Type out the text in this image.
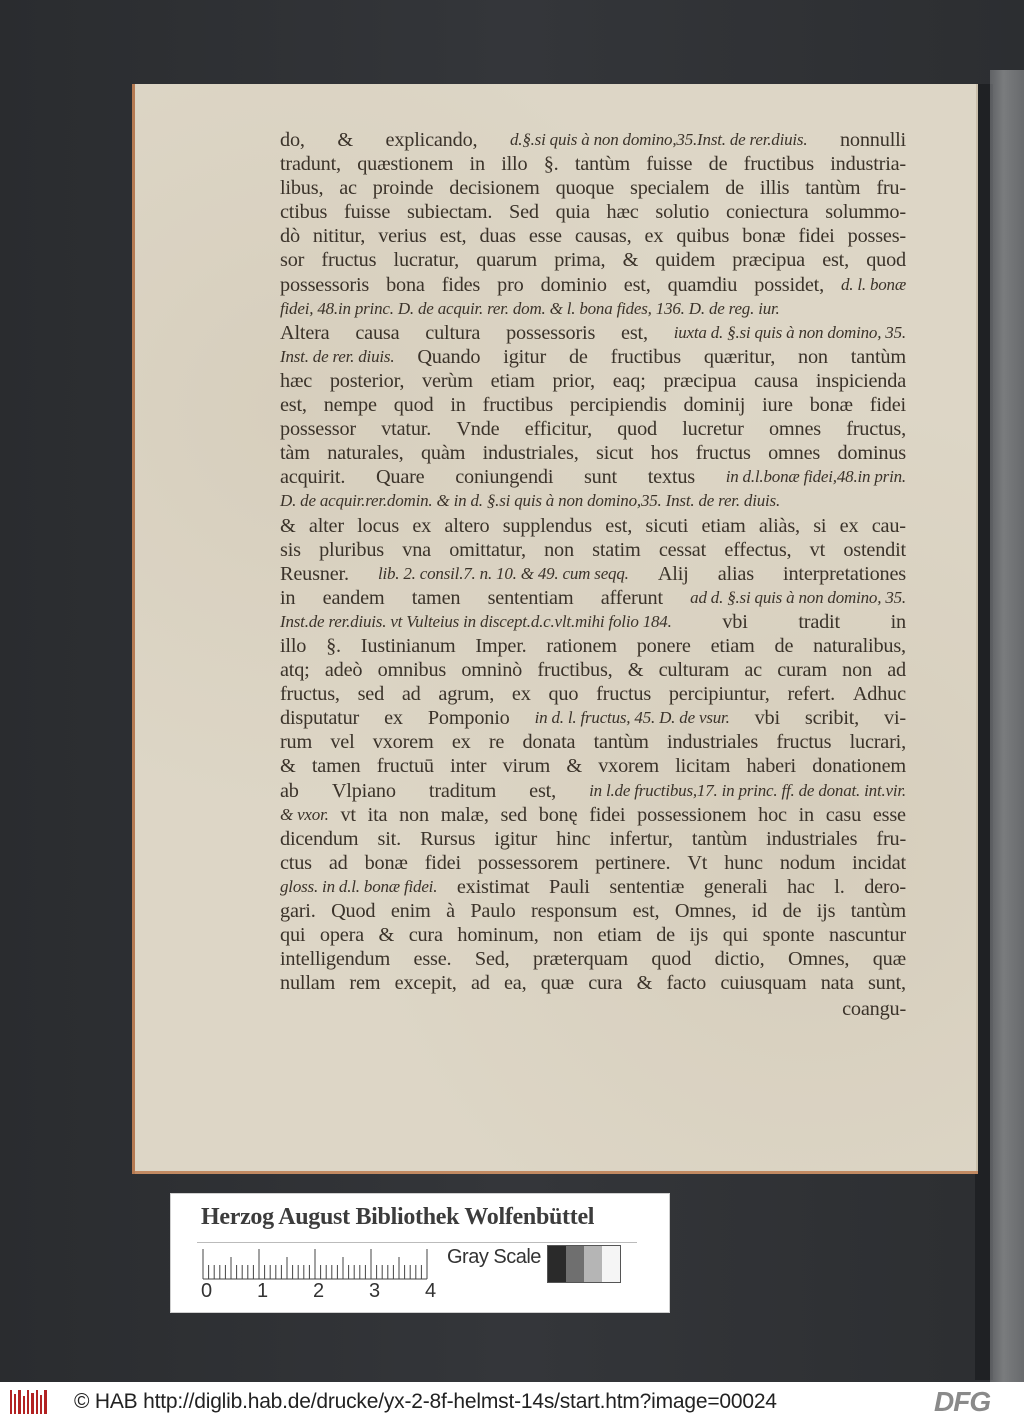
do, & explicando, d.§.si quis à non domino,35.Inst. de rer.diuis. nonnulli
tradunt, quæstionem in illo §. tantùm fuisse de fructibus industria-
libus, ac proinde decisionem quoque specialem de illis tantùm fru-
ctibus fuisse subiectam. Sed quia hæc solutio coniectura solummo-
dò nititur, verius est, duas esse causas, ex quibus bonæ fidei posses-
sor fructus lucratur, quarum prima, & quidem præcipua est, quod
possessoris bona fides pro dominio est, quamdiu possidet, d. l. bonæ
fidei, 48.in princ. D. de acquir. rer. dom. & l. bona fides, 136. D. de reg. iur.
Altera causa cultura possessoris est, iuxta d. §.si quis à non domino, 35.
Inst. de rer. diuis. Quando igitur de fructibus quæritur, non tantùm
hæc posterior, verùm etiam prior, eaq; præcipua causa inspicienda
est, nempe quod in fructibus percipiendis dominij iure bonæ fidei
possessor vtatur. Vnde efficitur, quod lucretur omnes fructus,
tàm naturales, quàm industriales, sicut hos fructus omnes dominus
acquirit. Quare coniungendi sunt textus in d.l.bonæ fidei,48.in prin.
D. de acquir.rer.domin. & in d. §.si quis à non domino,35. Inst. de rer. diuis.
& alter locus ex altero supplendus est, sicuti etiam aliàs, si ex cau-
sis pluribus vna omittatur, non statim cessat effectus, vt ostendit
Reusner. lib. 2. consil.7. n. 10. & 49. cum seqq. Alij alias interpretationes
in eandem tamen sententiam afferunt ad d. §.si quis à non domino, 35.
Inst.de rer.diuis. vt Vulteius in discept.d.c.vlt.mihi folio 184. vbi tradit in
illo §. Iustinianum Imper. rationem ponere etiam de naturalibus,
atq; adeò omnibus omninò fructibus, & culturam ac curam non ad
fructus, sed ad agrum, ex quo fructus percipiuntur, refert. Adhuc
disputatur ex Pomponio in d. l. fructus, 45. D. de vsur. vbi scribit, vi-
rum vel vxorem ex re donata tantùm industriales fructus lucrari,
& tamen fructuū inter virum & vxorem licitam haberi donationem
ab Vlpiano traditum est, in l.de fructibus,17. in princ. ff. de donat. int.vir.
& vxor. vt ita non malæ, sed bonę fidei possessionem hoc in casu esse
dicendum sit. Rursus igitur hinc infertur, tantùm industriales fru-
ctus ad bonæ fidei possessorem pertinere. Vt hunc nodum incidat
gloss. in d.l. bonæ fidei. existimat Pauli sententiæ generali hac l. dero-
gari. Quod enim à Paulo responsum est, Omnes, id de ijs tantùm
qui opera & cura hominum, non etiam de ijs qui sponte nascuntur
intelligendum esse. Sed, præterquam quod dictio, Omnes, quæ
nullam rem excepit, ad ea, quæ cura & facto cuiusquam nata sunt,
coangu-
Herzog August Bibliothek Wolfenbüttel
0 1 2 3 4
Gray Scale
© HAB http://diglib.hab.de/drucke/yx-2-8f-helmst-14s/start.htm?image=00024	DFG
